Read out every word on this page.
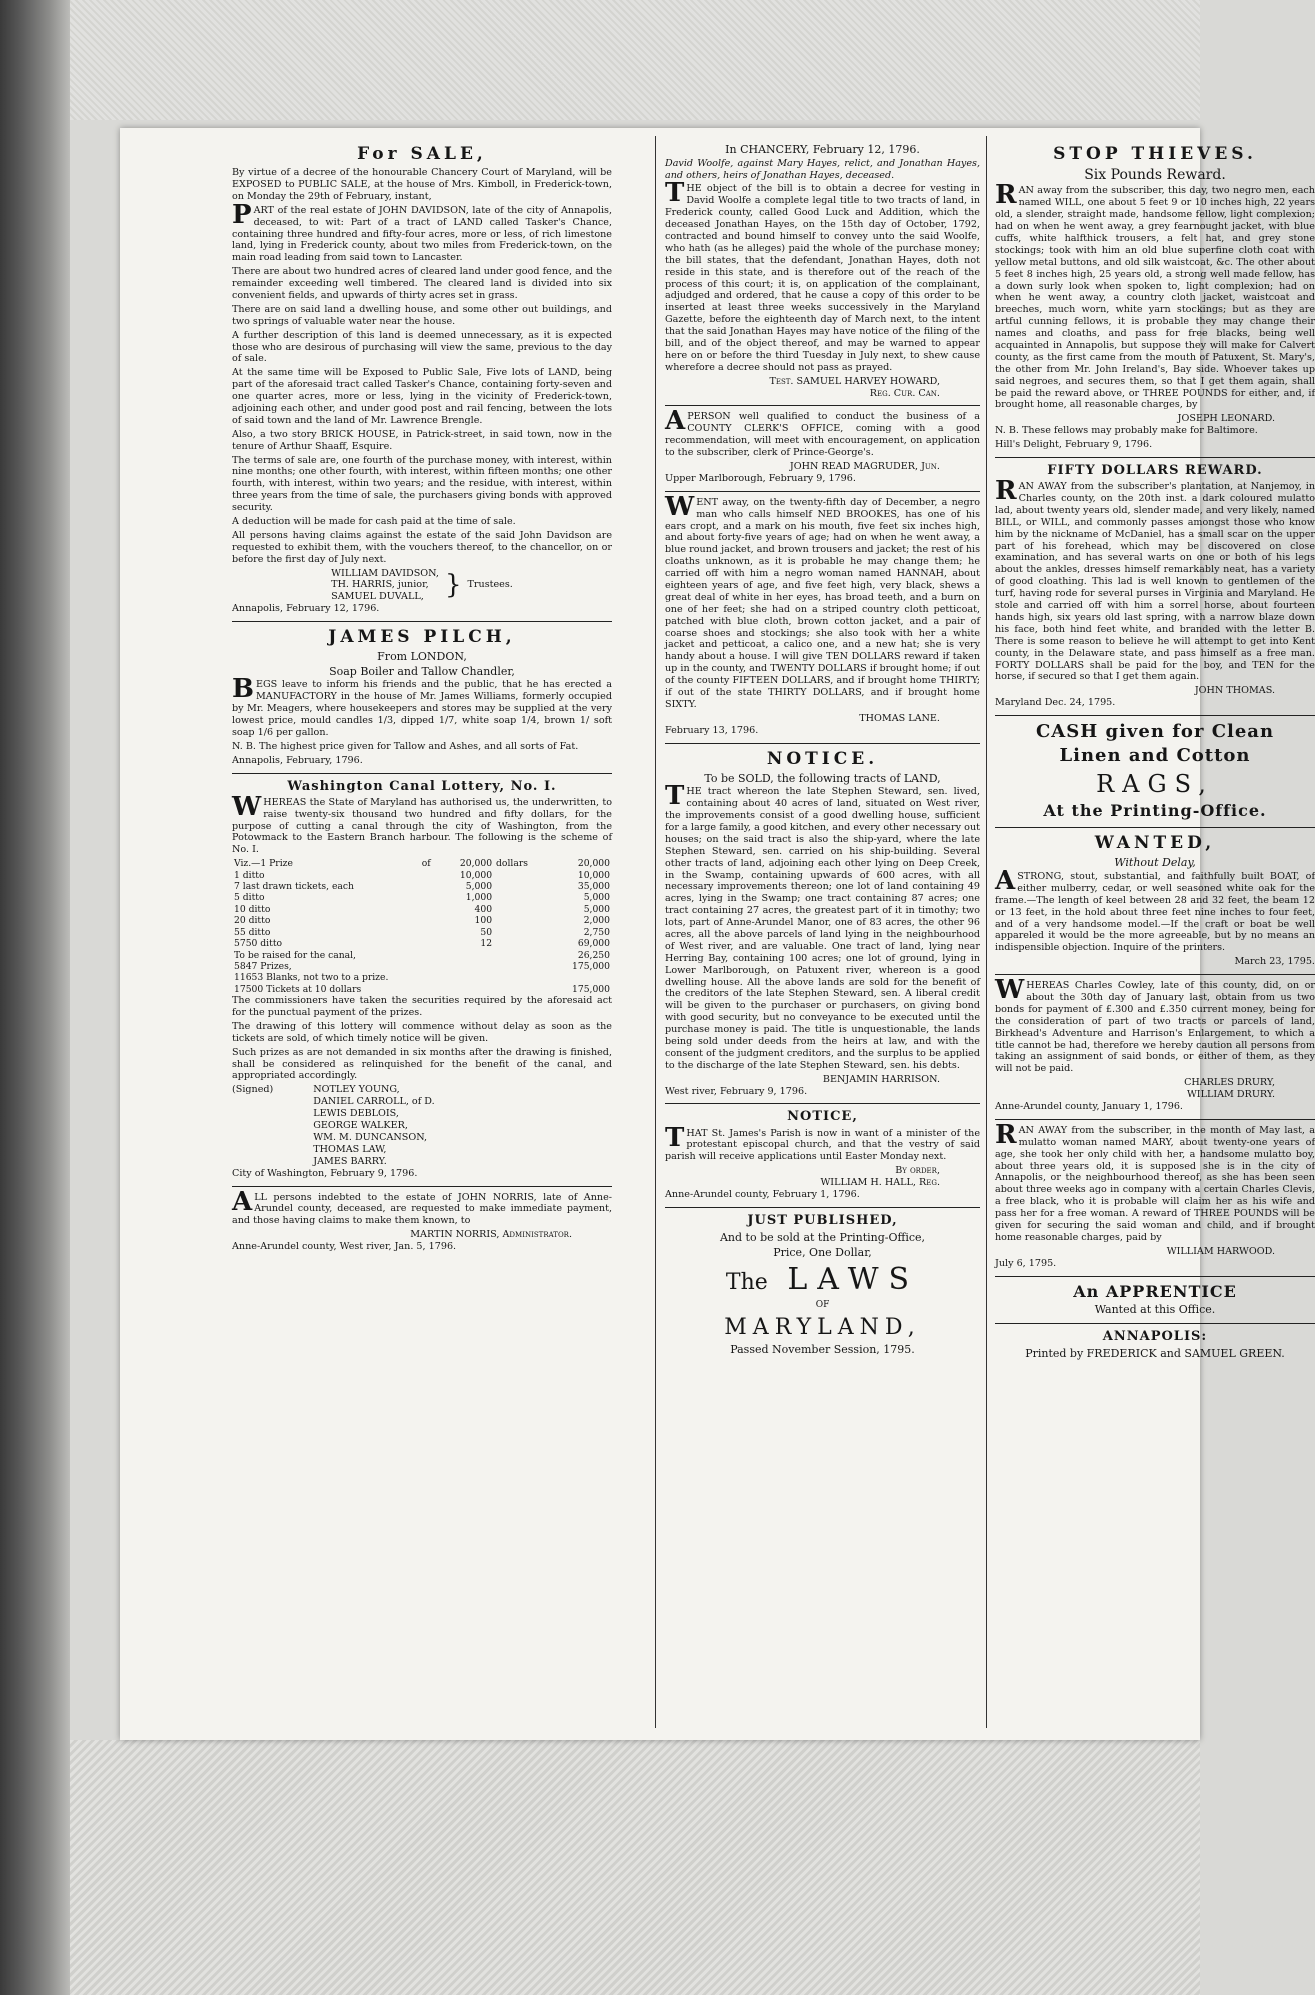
For SALE,

By virtue of a decree of the honourable Chancery Court of Maryland, will be EXPOSED to PUBLIC SALE, at the house of Mrs. Kimboll, in Frederick-town, on Monday the 29th of February, instant,

PART of the real estate of JOHN DAVIDSON, late of the city of Annapolis, deceased, to wit: Part of a tract of LAND called Tasker's Chance, containing three hundred and fifty-four acres, more or less, of rich limestone land, lying in Frederick county, about two miles from Frederick-town, on the main road leading from said town to Lancaster.

There are about two hundred acres of cleared land under good fence, and the remainder exceeding well timbered. The cleared land is divided into six convenient fields, and upwards of thirty acres set in grass.

There are on said land a dwelling house, and some other out buildings, and two springs of valuable water near the house.

A further description of this land is deemed unnecessary, as it is expected those who are desirous of purchasing will view the same, previous to the day of sale.

At the same time will be Exposed to Public Sale, Five lots of LAND, being part of the aforesaid tract called Tasker's Chance, containing forty-seven and one quarter acres, more or less, lying in the vicinity of Frederick-town, adjoining each other, and under good post and rail fencing, between the lots of said town and the land of Mr. Lawrence Brengle.

Also, a two story BRICK HOUSE, in Patrick-street, in said town, now in the tenure of Arthur Shaaff, Esquire.

The terms of sale are, one fourth of the purchase money, with interest, within nine months; one other fourth, with interest, within fifteen months; one other fourth, with interest, within two years; and the residue, with interest, within three years from the time of sale, the purchasers giving bonds with approved security.

A deduction will be made for cash paid at the time of sale.

All persons having claims against the estate of the said John Davidson are requested to exhibit them, with the vouchers thereof, to the chancellor, on or before the first day of July next.

WILLIAM DAVIDSON,
TH. HARRIS, junior,
SAMUEL DUVALL, } Trustees.
Annapolis, February 12, 1796.
JAMES PILCH,
From LONDON,
Soap Boiler and Tallow Chandler,

BEGS leave to inform his friends and the public, that he has erected a MANUFACTORY in the house of Mr. James Williams, formerly occupied by Mr. Meagers, where housekeepers and stores may be supplied at the very lowest price, mould candles 1/3, dipped 1/7, white soap 1/4, brown 1/ soft soap 1/6 per gallon.

N. B. The highest price given for Tallow and Ashes, and all sorts of Fat.

Annapolis, February, 1796.
Washington Canal Lottery, No. I.

WHEREAS the State of Maryland has authorised us, the underwritten, to raise twenty-six thousand two hundred and fifty dollars, for the purpose of cutting a canal through the city of Washington, from the Potowmack to the Eastern Branch harbour. The following is the scheme of No. I.

Viz.—1 Prize	of	20,000	dollars	20,000
1 ditto		10,000		10,000
7 last drawn tickets, each		5,000		35,000
5 ditto		1,000		5,000
10 ditto		400		5,000
20 ditto		100		2,000
55 ditto		50		2,750
5750 ditto		12		69,000
To be raised for the canal,				26,250
5847 Prizes,				175,000
11653 Blanks, not two to a prize.				
17500 Tickets at 10 dollars				175,000

The commissioners have taken the securities required by the aforesaid act for the punctual payment of the prizes.

The drawing of this lottery will commence without delay as soon as the tickets are sold, of which timely notice will be given.

Such prizes as are not demanded in six months after the drawing is finished, shall be considered as relinquished for the benefit of the canal, and appropriated accordingly.

(Signed)	NOTLEY YOUNG,
DANIEL CARROLL, of D.
LEWIS DEBLOIS,
GEORGE WALKER,
WM. M. DUNCANSON,
THOMAS LAW,
JAMES BARRY.
City of Washington, February 9, 1796.

ALL persons indebted to the estate of JOHN NORRIS, late of Anne-Arundel county, deceased, are requested to make immediate payment, and those having claims to make them known, to

MARTIN NORRIS, Administrator.
Anne-Arundel county, West river, Jan. 5, 1796.
In CHANCERY, February 12, 1796.

David Woolfe, against Mary Hayes, relict, and Jonathan Hayes, and others, heirs of Jonathan Hayes, deceased.

THE object of the bill is to obtain a decree for vesting in David Woolfe a complete legal title to two tracts of land, in Frederick county, called Good Luck and Addition, which the deceased Jonathan Hayes, on the 15th day of October, 1792, contracted and bound himself to convey unto the said Woolfe, who hath (as he alleges) paid the whole of the purchase money; the bill states, that the defendant, Jonathan Hayes, doth not reside in this state, and is therefore out of the reach of the process of this court; it is, on application of the complainant, adjudged and ordered, that he cause a copy of this order to be inserted at least three weeks successively in the Maryland Gazette, before the eighteenth day of March next, to the intent that the said Jonathan Hayes may have notice of the filing of the bill, and of the object thereof, and may be warned to appear here on or before the third Tuesday in July next, to shew cause wherefore a decree should not pass as prayed.

Test. SAMUEL HARVEY HOWARD,
Reg. Cur. Can.

APERSON well qualified to conduct the business of a COUNTY CLERK'S OFFICE, coming with a good recommendation, will meet with encouragement, on application to the subscriber, clerk of Prince-George's.

JOHN READ MAGRUDER, Jun.
Upper Marlborough, February 9, 1796.

WENT away, on the twenty-fifth day of December, a negro man who calls himself NED BROOKES, has one of his ears cropt, and a mark on his mouth, five feet six inches high, and about forty-five years of age; had on when he went away, a blue round jacket, and brown trousers and jacket; the rest of his cloaths unknown, as it is probable he may change them; he carried off with him a negro woman named HANNAH, about eighteen years of age, and five feet high, very black, shews a great deal of white in her eyes, has broad teeth, and a burn on one of her feet; she had on a striped country cloth petticoat, patched with blue cloth, brown cotton jacket, and a pair of coarse shoes and stockings; she also took with her a white jacket and petticoat, a calico one, and a new hat; she is very handy about a house. I will give TEN DOLLARS reward if taken up in the county, and TWENTY DOLLARS if brought home; if out of the county FIFTEEN DOLLARS, and if brought home THIRTY; if out of the state THIRTY DOLLARS, and if brought home SIXTY.

THOMAS LANE.
February 13, 1796.
NOTICE.
To be SOLD, the following tracts of LAND,

THE tract whereon the late Stephen Steward, sen. lived, containing about 40 acres of land, situated on West river, the improvements consist of a good dwelling house, sufficient for a large family, a good kitchen, and every other necessary out houses; on the said tract is also the ship-yard, where the late Stephen Steward, sen. carried on his ship-building. Several other tracts of land, adjoining each other lying on Deep Creek, in the Swamp, containing upwards of 600 acres, with all necessary improvements thereon; one lot of land containing 49 acres, lying in the Swamp; one tract containing 87 acres; one tract containing 27 acres, the greatest part of it in timothy; two lots, part of Anne-Arundel Manor, one of 83 acres, the other 96 acres, all the above parcels of land lying in the neighbourhood of West river, and are valuable. One tract of land, lying near Herring Bay, containing 100 acres; one lot of ground, lying in Lower Marlborough, on Patuxent river, whereon is a good dwelling house. All the above lands are sold for the benefit of the creditors of the late Stephen Steward, sen. A liberal credit will be given to the purchaser or purchasers, on giving bond with good security, but no conveyance to be executed until the purchase money is paid. The title is unquestionable, the lands being sold under deeds from the heirs at law, and with the consent of the judgment creditors, and the surplus to be applied to the discharge of the late Stephen Steward, sen. his debts.

BENJAMIN HARRISON.
West river, February 9, 1796.
NOTICE,

THAT St. James's Parish is now in want of a minister of the protestant episcopal church, and that the vestry of said parish will receive applications until Easter Monday next.

By order,
WILLIAM H. HALL, Reg.
Anne-Arundel county, February 1, 1796.
JUST PUBLISHED,
And to be sold at the Printing-Office,
Price, One Dollar,
The LAWS
OF
MARYLAND,
Passed November Session, 1795.
STOP THIEVES.
Six Pounds Reward.

RAN away from the subscriber, this day, two negro men, each named WILL, one about 5 feet 9 or 10 inches high, 22 years old, a slender, straight made, handsome fellow, light complexion; had on when he went away, a grey fearnought jacket, with blue cuffs, white halfthick trousers, a felt hat, and grey stone stockings; took with him an old blue superfine cloth coat with yellow metal buttons, and old silk waistcoat, &c. The other about 5 feet 8 inches high, 25 years old, a strong well made fellow, has a down surly look when spoken to, light complexion; had on when he went away, a country cloth jacket, waistcoat and breeches, much worn, white yarn stockings; but as they are artful cunning fellows, it is probable they may change their names and cloaths, and pass for free blacks, being well acquainted in Annapolis, but suppose they will make for Calvert county, as the first came from the mouth of Patuxent, St. Mary's, the other from Mr. John Ireland's, Bay side. Whoever takes up said negroes, and secures them, so that I get them again, shall be paid the reward above, or THREE POUNDS for either, and, if brought home, all reasonable charges, by

JOSEPH LEONARD.

N. B. These fellows may probably make for Baltimore.

Hill's Delight, February 9, 1796.
FIFTY DOLLARS REWARD.

RAN AWAY from the subscriber's plantation, at Nanjemoy, in Charles county, on the 20th inst. a dark coloured mulatto lad, about twenty years old, slender made, and very likely, named BILL, or WILL, and commonly passes amongst those who know him by the nickname of McDaniel, has a small scar on the upper part of his forehead, which may be discovered on close examination, and has several warts on one or both of his legs about the ankles, dresses himself remarkably neat, has a variety of good cloathing. This lad is well known to gentlemen of the turf, having rode for several purses in Virginia and Maryland. He stole and carried off with him a sorrel horse, about fourteen hands high, six years old last spring, with a narrow blaze down his face, both hind feet white, and branded with the letter B. There is some reason to believe he will attempt to get into Kent county, in the Delaware state, and pass himself as a free man. FORTY DOLLARS shall be paid for the boy, and TEN for the horse, if secured so that I get them again.

JOHN THOMAS.
Maryland Dec. 24, 1795.
CASH given for Clean
Linen and Cotton
RAGS,
At the Printing-Office.
WANTED,
Without Delay,

ASTRONG, stout, substantial, and faithfully built BOAT, of either mulberry, cedar, or well seasoned white oak for the frame.—The length of keel between 28 and 32 feet, the beam 12 or 13 feet, in the hold about three feet nine inches to four feet, and of a very handsome model.—If the craft or boat be well appareled it would be the more agreeable, but by no means an indispensible objection. Inquire of the printers.

March 23, 1795.

WHEREAS Charles Cowley, late of this county, did, on or about the 30th day of January last, obtain from us two bonds for payment of £.300 and £.350 current money, being for the consideration of part of two tracts or parcels of land, Birkhead's Adventure and Harrison's Enlargement, to which a title cannot be had, therefore we hereby caution all persons from taking an assignment of said bonds, or either of them, as they will not be paid.

CHARLES DRURY,
WILLIAM DRURY.
Anne-Arundel county, January 1, 1796.

RAN AWAY from the subscriber, in the month of May last, a mulatto woman named MARY, about twenty-one years of age, she took her only child with her, a handsome mulatto boy, about three years old, it is supposed she is in the city of Annapolis, or the neighbourhood thereof, as she has been seen about three weeks ago in company with a certain Charles Clevis, a free black, who it is probable will claim her as his wife and pass her for a free woman. A reward of THREE POUNDS will be given for securing the said woman and child, and if brought home reasonable charges, paid by

WILLIAM HARWOOD.
July 6, 1795.
An APPRENTICE
Wanted at this Office.
ANNAPOLIS:
Printed by FREDERICK and SAMUEL GREEN.
